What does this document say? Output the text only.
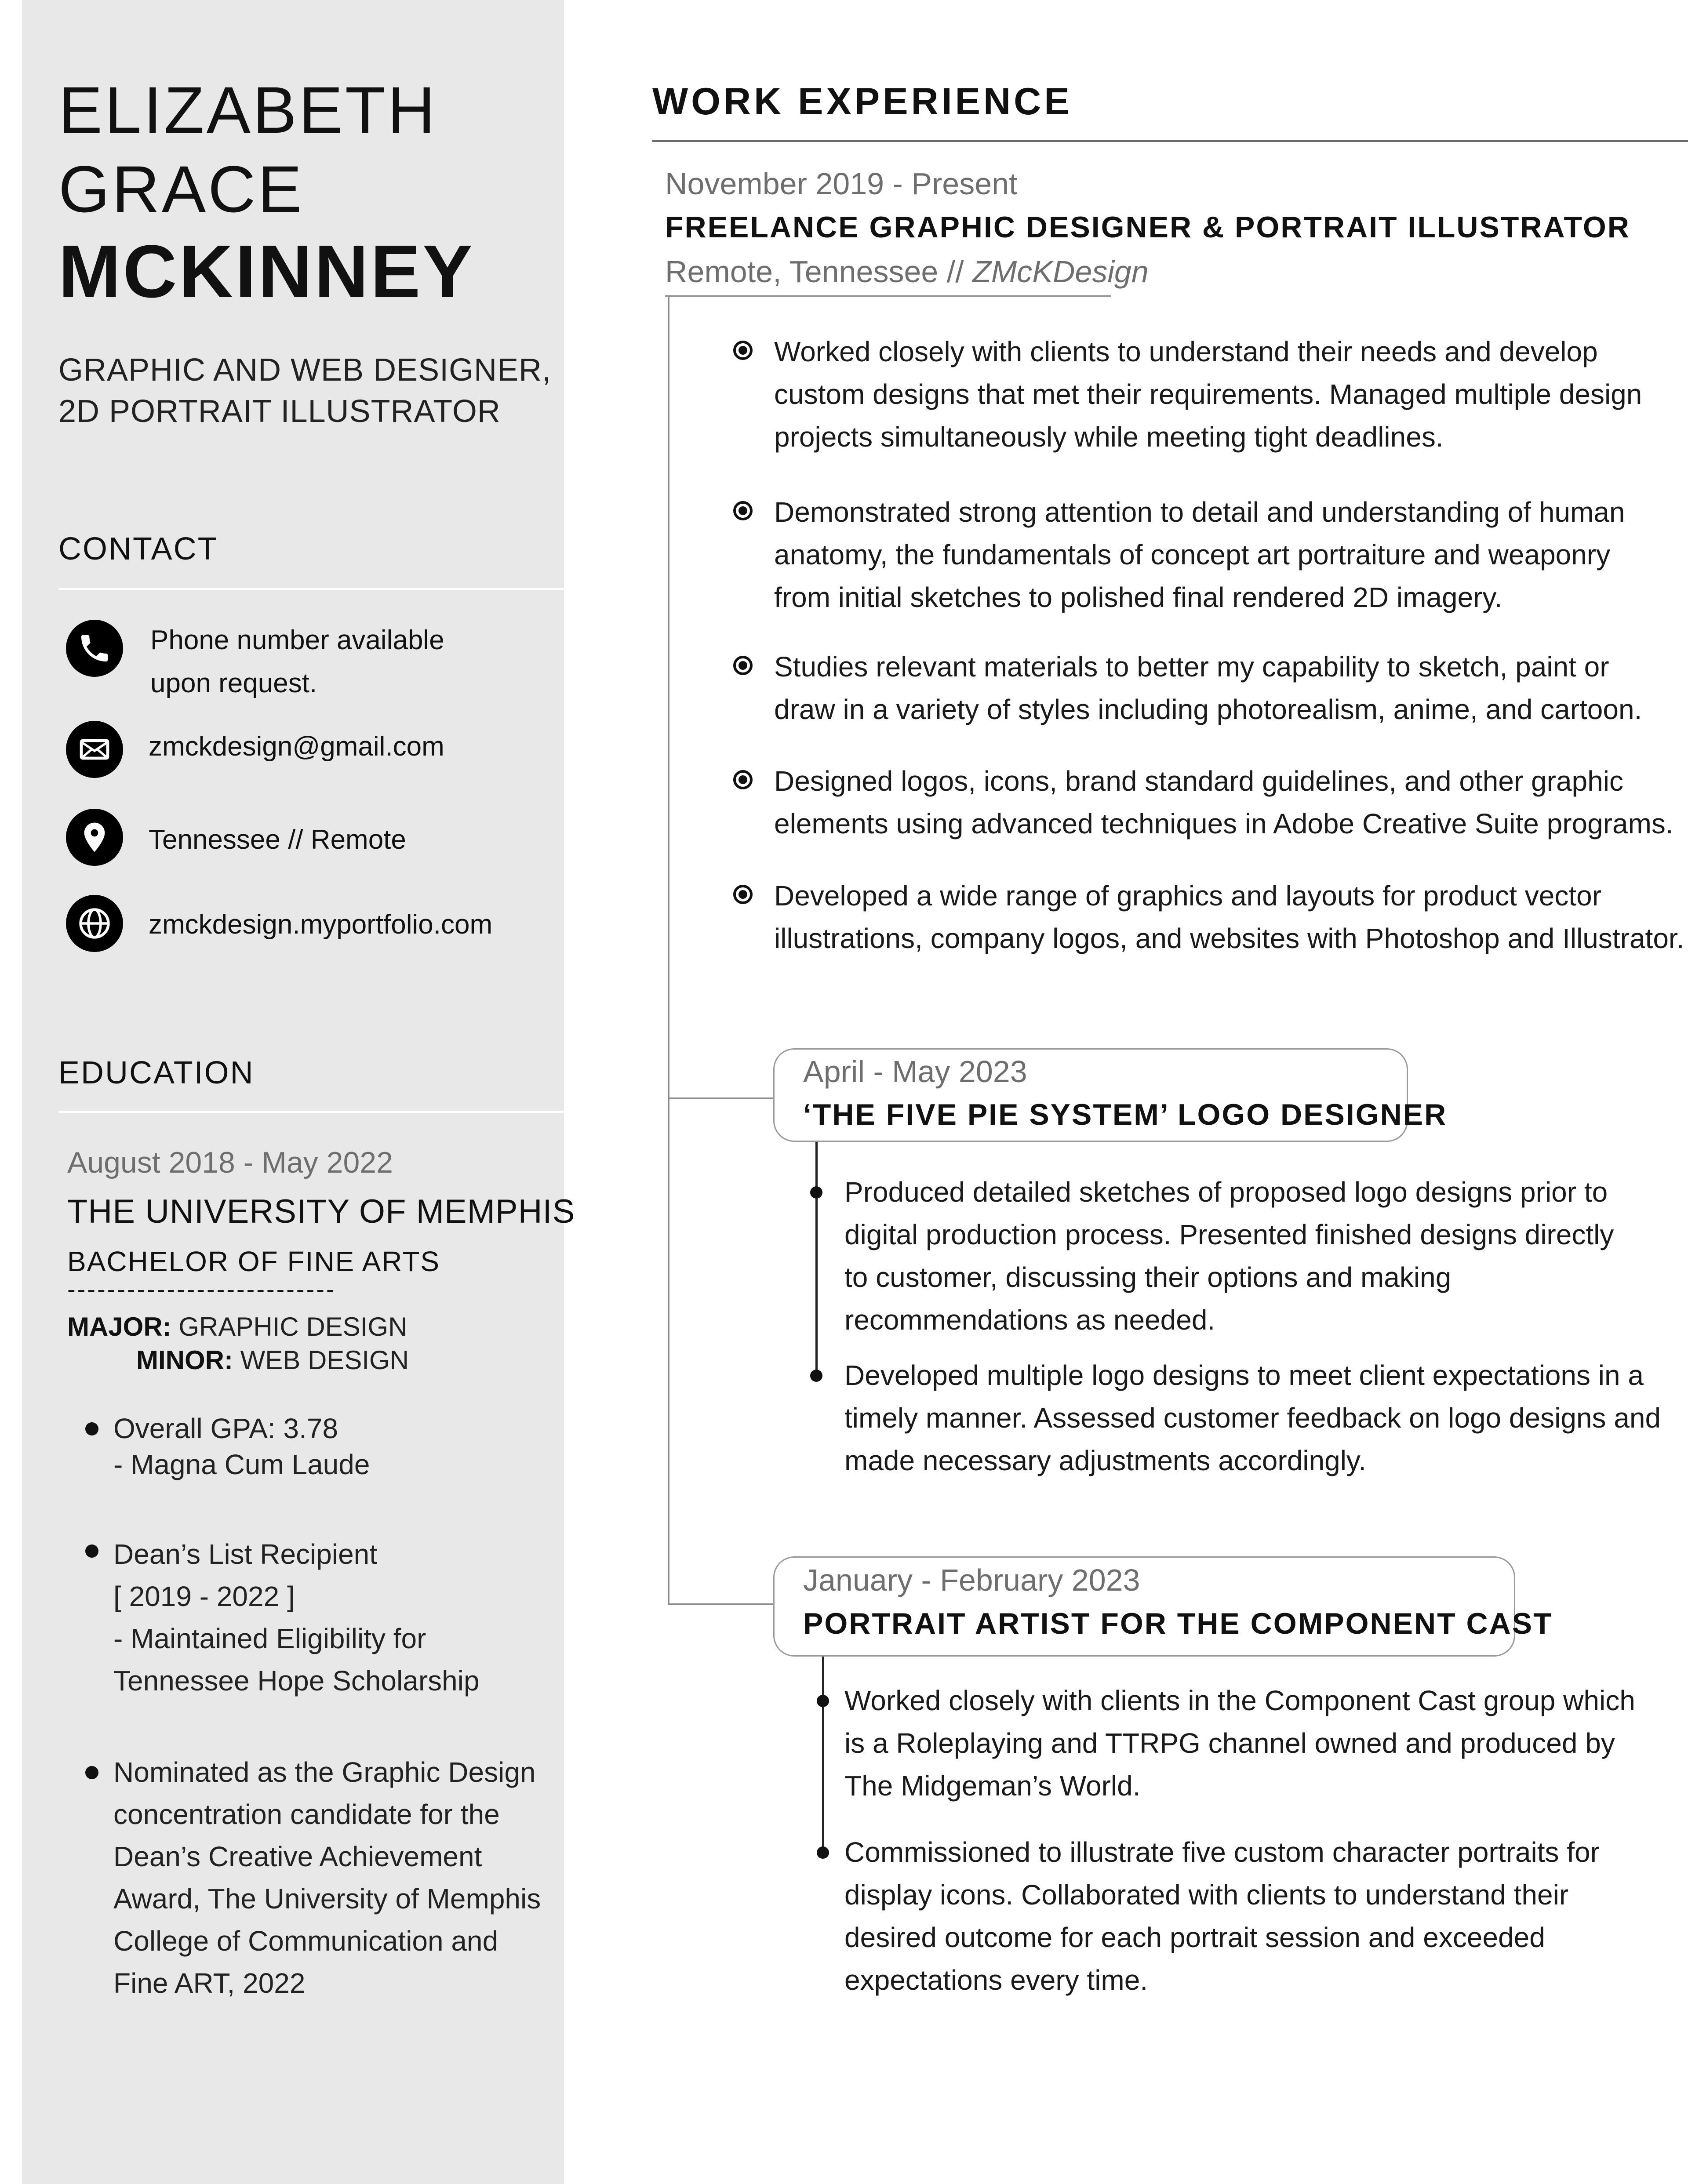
ELIZABETH
GRACE
MCKINNEY
GRAPHIC AND WEB DESIGNER,
2D PORTRAIT ILLUSTRATOR
CONTACT
Phone number available
upon request.
zmckdesign@gmail.com
Tennessee // Remote
zmckdesign.myportfolio.com
EDUCATION
August 2018 - May 2022
THE UNIVERSITY OF MEMPHIS
BACHELOR OF FINE ARTS
---------------------------
MAJOR: GRAPHIC DESIGN
MINOR: WEB DESIGN
Overall GPA: 3.78
- Magna Cum Laude
Dean’s List Recipient
[ 2019 - 2022 ]
- Maintained Eligibility for
Tennessee Hope Scholarship
Nominated as the Graphic Design
concentration candidate for the
Dean’s Creative Achievement
Award, The University of Memphis
College of Communication and
Fine ART, 2022
WORK EXPERIENCE
November 2019 - Present
FREELANCE GRAPHIC DESIGNER & PORTRAIT ILLUSTRATOR
Remote, Tennessee // ZMcKDesign
Worked closely with clients to understand their needs and develop
custom designs that met their requirements. Managed multiple design
projects simultaneously while meeting tight deadlines.
Demonstrated strong attention to detail and understanding of human
anatomy, the fundamentals of concept art portraiture and weaponry
from initial sketches to polished final rendered 2D imagery.
Studies relevant materials to better my capability to sketch, paint or
draw in a variety of styles including photorealism, anime, and cartoon.
Designed logos, icons, brand standard guidelines, and other graphic
elements using advanced techniques in Adobe Creative Suite programs.
Developed a wide range of graphics and layouts for product vector
illustrations, company logos, and websites with Photoshop and Illustrator.
April - May 2023
‘THE FIVE PIE SYSTEM’ LOGO DESIGNER
Produced detailed sketches of proposed logo designs prior to
digital production process. Presented finished designs directly
to customer, discussing their options and making
recommendations as needed.
Developed multiple logo designs to meet client expectations in a
timely manner. Assessed customer feedback on logo designs and
made necessary adjustments accordingly.
January - February 2023
PORTRAIT ARTIST FOR THE COMPONENT CAST
Worked closely with clients in the Component Cast group which
is a Roleplaying and TTRPG channel owned and produced by
The Midgeman’s World.
Commissioned to illustrate five custom character portraits for
display icons. Collaborated with clients to understand their
desired outcome for each portrait session and exceeded
expectations every time.
